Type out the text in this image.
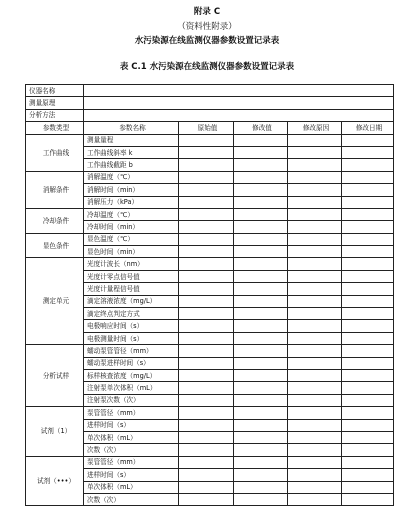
附录 C
（资料性附录）
水污染源在线监测仪器参数设置记录表
表 C.1 水污染源在线监测仪器参数设置记录表
仪器名称					
测量原理					
分析方法					
参数类型	参数名称	原始值	修改值	修改原因	修改日期
工作曲线	测量量程				
	工作曲线斜率 k				
	工作曲线截距 b				
消解条件	消解温度（℃）				
	消解时间（min）				
	消解压力（kPa）				
冷却条件	冷却温度（℃）				
	冷却时间（min）				
显色条件	显色温度（℃）				
	显色时间（min）				
测定单元	光度计波长（nm）				
	光度计零点信号值				
	光度计量程信号值				
	滴定溶液浓度（mg/L）				
	滴定终点判定方式				
	电极响应时间（s）				
	电极测量时间（s）				
分析试样	蠕动泵管管径（mm）				
	蠕动泵进样时间（s）				
	标样核查浓度（mg/L）				
	注射泵单次体积（mL）				
	注射泵次数（次）				
试剂（1）	泵管管径（mm）				
	进样时间（s）				
	单次体积（mL）				
	次数（次）				
试剂（•••）	泵管管径（mm）				
	进样时间（s）				
	单次体积（mL）				
	次数（次）				
